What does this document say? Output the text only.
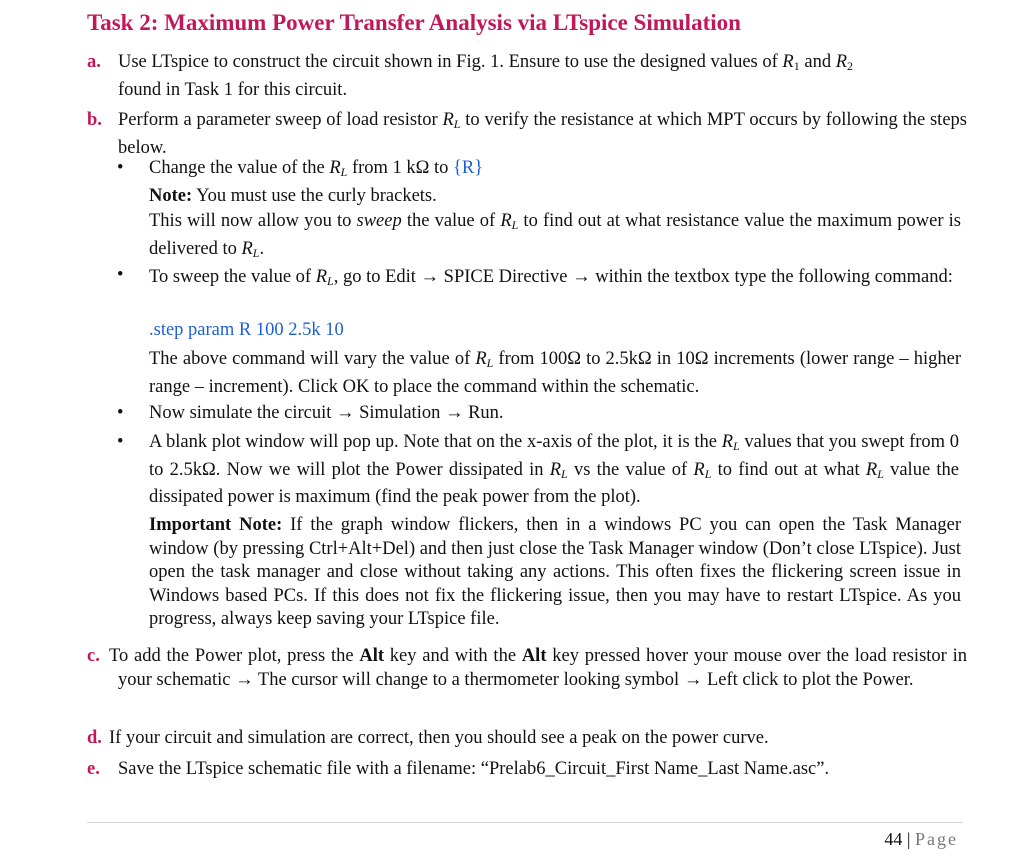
Task 2: Maximum Power Transfer Analysis via LTspice Simulation
a. Use LTspice to construct the circuit shown in Fig. 1. Ensure to use the designed values of R1 and R2
found in Task 1 for this circuit.
b. Perform a parameter sweep of load resistor $R_L$ to verify the resistance at which MPT occurs by following the steps below.
• Change the value of the $R_L$ from 1 kΩ to {R}
Note: You must use the curly brackets.
This will now allow you to sweep the value of $R_L$ to find out at what resistance value the maximum power is delivered to $R_L$.
• To sweep the value of $R_L$, go to Edit → SPICE Directive → within the textbox type the following command:
.step param R 100 2.5k 10
The above command will vary the value of $R_L$ from 100Ω to 2.5kΩ in 10Ω increments (lower range – higher range – increment). Click OK to place the command within the schematic.
• Now simulate the circuit → Simulation → Run.
• A blank plot window will pop up. Note that on the x-axis of the plot, it is the $R_L$ values that you swept from 0 to 2.5kΩ. Now we will plot the Power dissipated in $R_L$ vs the value of $R_L$ to find out at what $R_L$ value the dissipated power is maximum (find the peak power from the plot).
Important Note: If the graph window flickers, then in a windows PC you can open the Task Manager window (by pressing Ctrl+Alt+Del) and then just close the Task Manager window (Don’t close LTspice). Just open the task manager and close without taking any actions. This often fixes the flickering screen issue in Windows based PCs. If this does not fix the flickering issue, then you may have to restart LTspice. As you progress, always keep saving your LTspice file.
c. To add the Power plot, press the Alt key and with the Alt key pressed hover your mouse over the load resistor in your schematic → The cursor will change to a thermometer looking symbol → Left click to plot the Power.
d. If your circuit and simulation are correct, then you should see a peak on the power curve.
e. Save the LTspice schematic file with a filename: “Prelab6_Circuit_First Name_Last Name.asc”.
44 | Page
